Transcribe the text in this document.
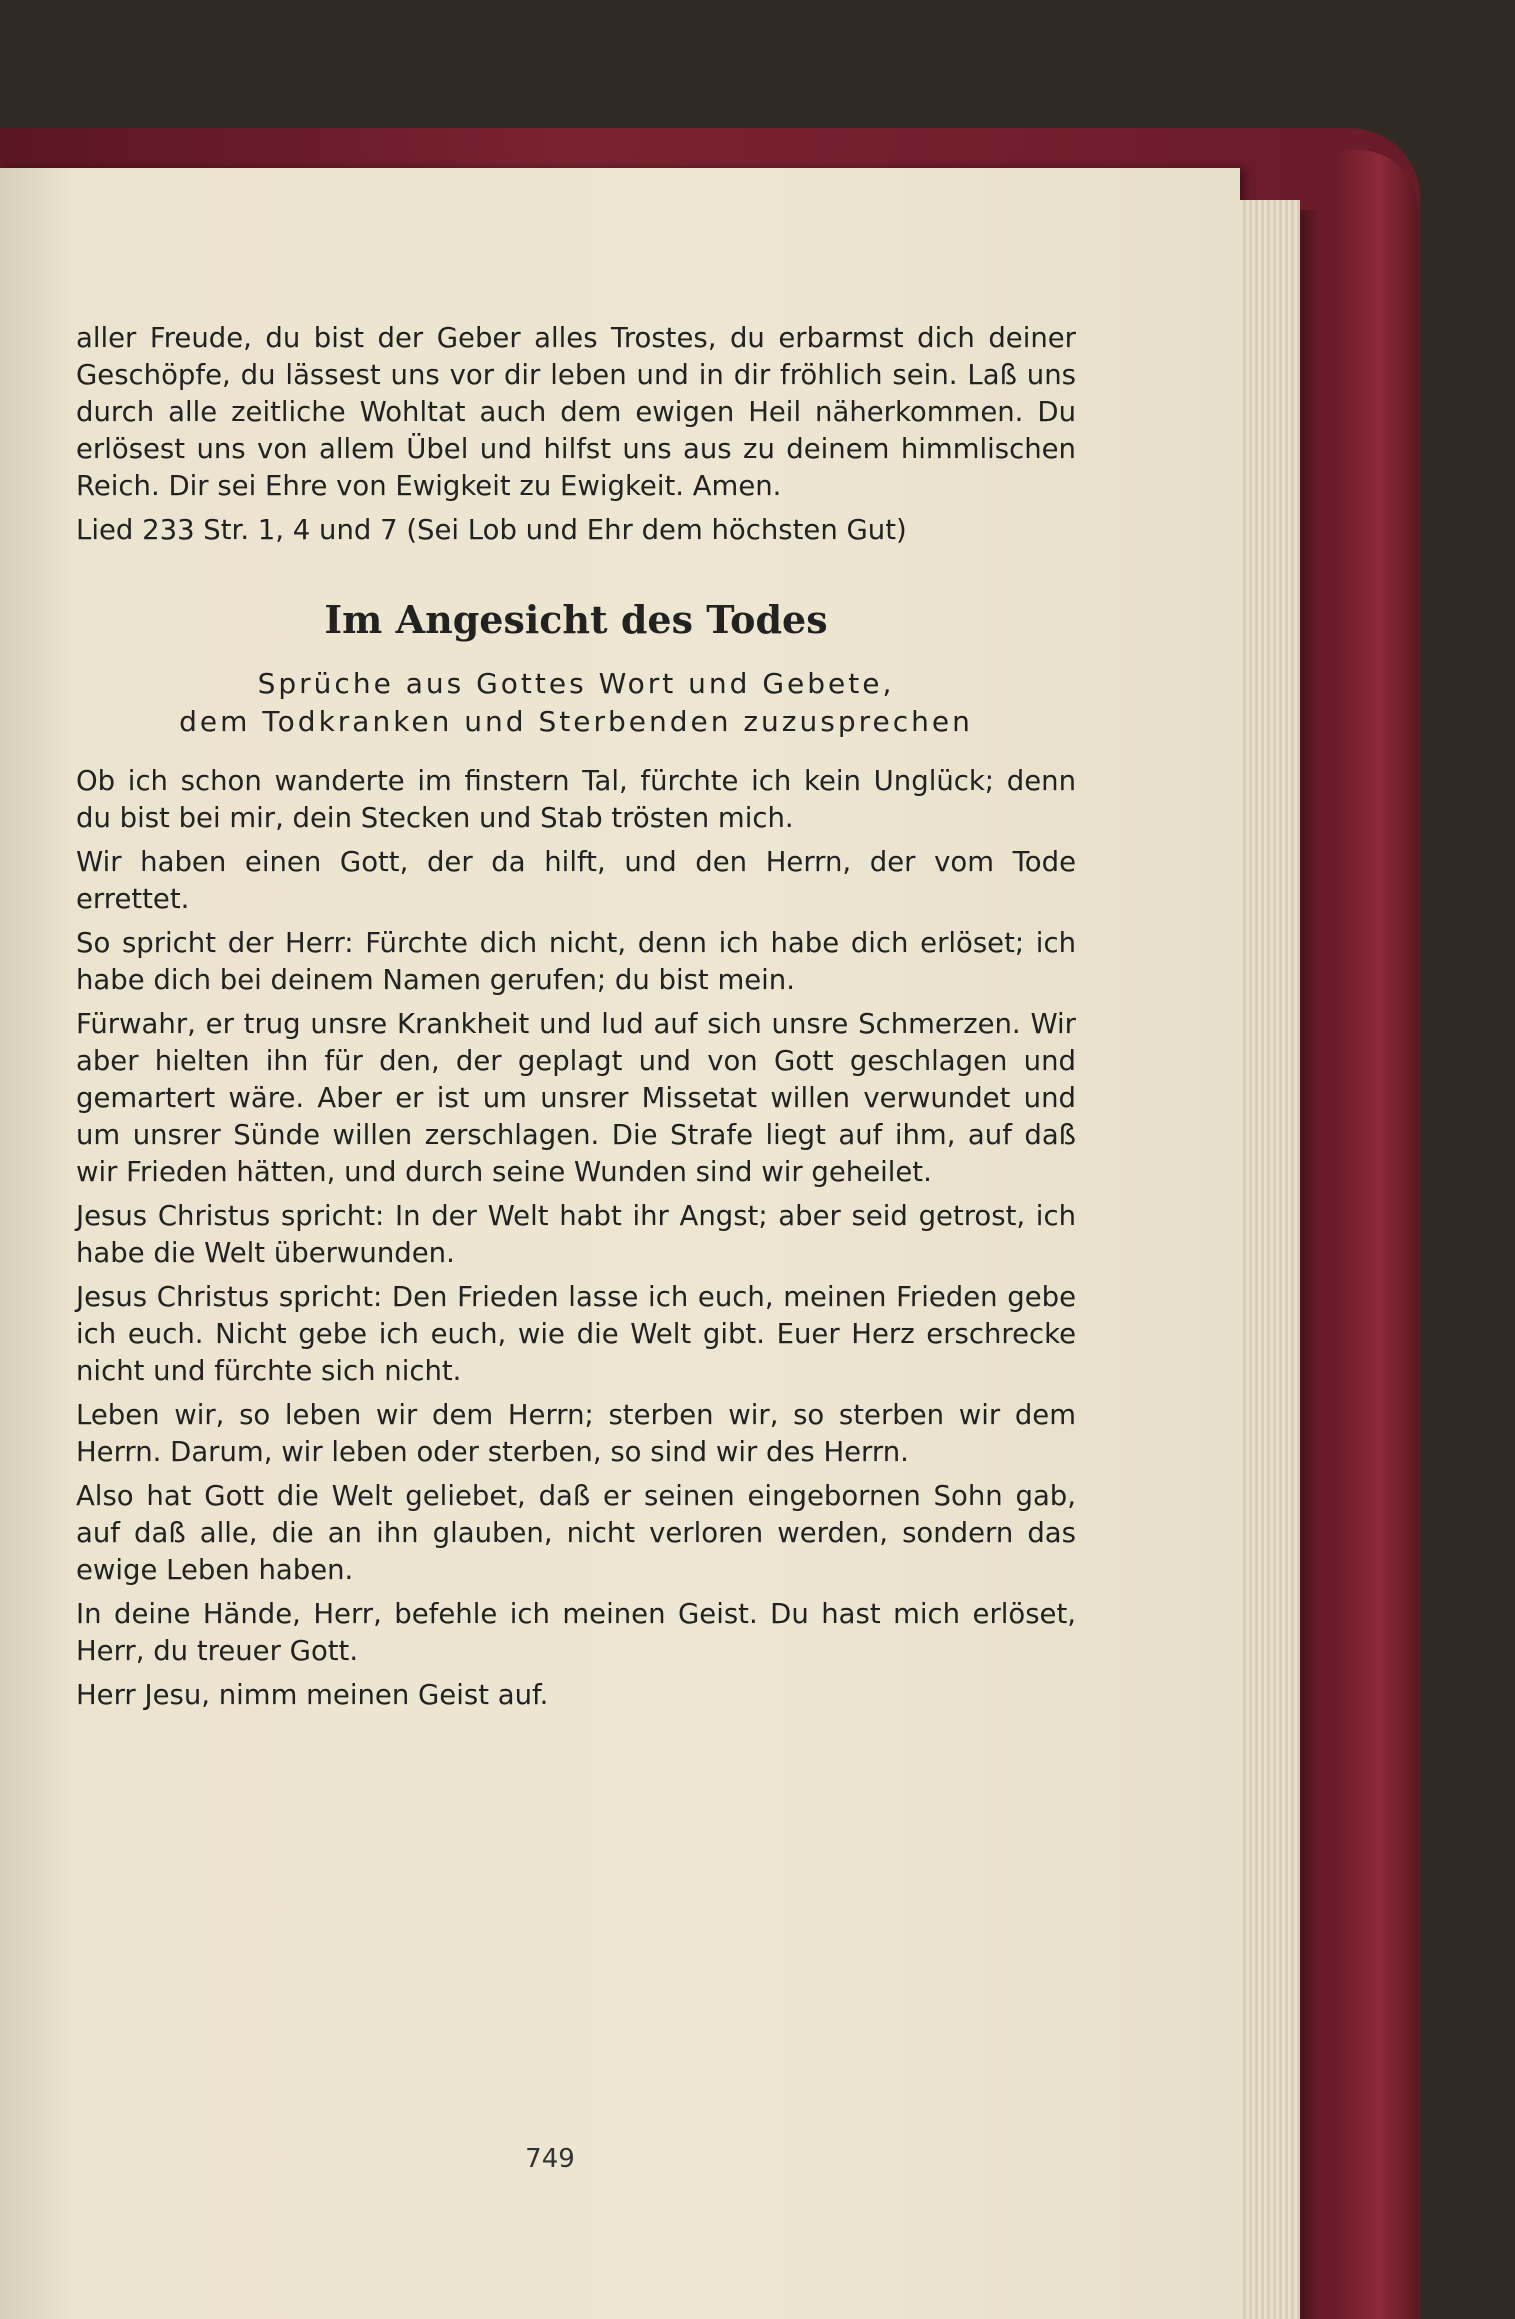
aller Freude, du bist der Geber alles Trostes, du erbarmst dich deiner Geschöpfe, du lässest uns vor dir leben und in dir fröhlich sein. Laß uns durch alle zeitliche Wohltat auch dem ewigen Heil näherkommen. Du erlösest uns von allem Übel und hilfst uns aus zu deinem himmlischen Reich. Dir sei Ehre von Ewigkeit zu Ewigkeit. Amen.

Lied 233 Str. 1, 4 und 7 (Sei Lob und Ehr dem höchsten Gut)

Im Angesicht des Todes
Sprüche aus Gottes Wort und Gebete,
dem Todkranken und Sterbenden zuzusprechen

Ob ich schon wanderte im finstern Tal, fürchte ich kein Unglück; denn du bist bei mir, dein Stecken und Stab trösten mich.

Wir haben einen Gott, der da hilft, und den Herrn, der vom Tode errettet.

So spricht der Herr: Fürchte dich nicht, denn ich habe dich erlöset; ich habe dich bei deinem Namen gerufen; du bist mein.

Fürwahr, er trug unsre Krankheit und lud auf sich unsre Schmerzen. Wir aber hielten ihn für den, der geplagt und von Gott geschlagen und gemartert wäre. Aber er ist um unsrer Missetat willen verwundet und um unsrer Sünde willen zerschlagen. Die Strafe liegt auf ihm, auf daß wir Frieden hätten, und durch seine Wunden sind wir geheilet.

Jesus Christus spricht: In der Welt habt ihr Angst; aber seid getrost, ich habe die Welt überwunden.

Jesus Christus spricht: Den Frieden lasse ich euch, meinen Frieden gebe ich euch. Nicht gebe ich euch, wie die Welt gibt. Euer Herz erschrecke nicht und fürchte sich nicht.

Leben wir, so leben wir dem Herrn; sterben wir, so sterben wir dem Herrn. Darum, wir leben oder sterben, so sind wir des Herrn.

Also hat Gott die Welt geliebet, daß er seinen eingebornen Sohn gab, auf daß alle, die an ihn glauben, nicht verloren werden, sondern das ewige Leben haben.

In deine Hände, Herr, befehle ich meinen Geist. Du hast mich erlöset, Herr, du treuer Gott.

Herr Jesu, nimm meinen Geist auf.

749
